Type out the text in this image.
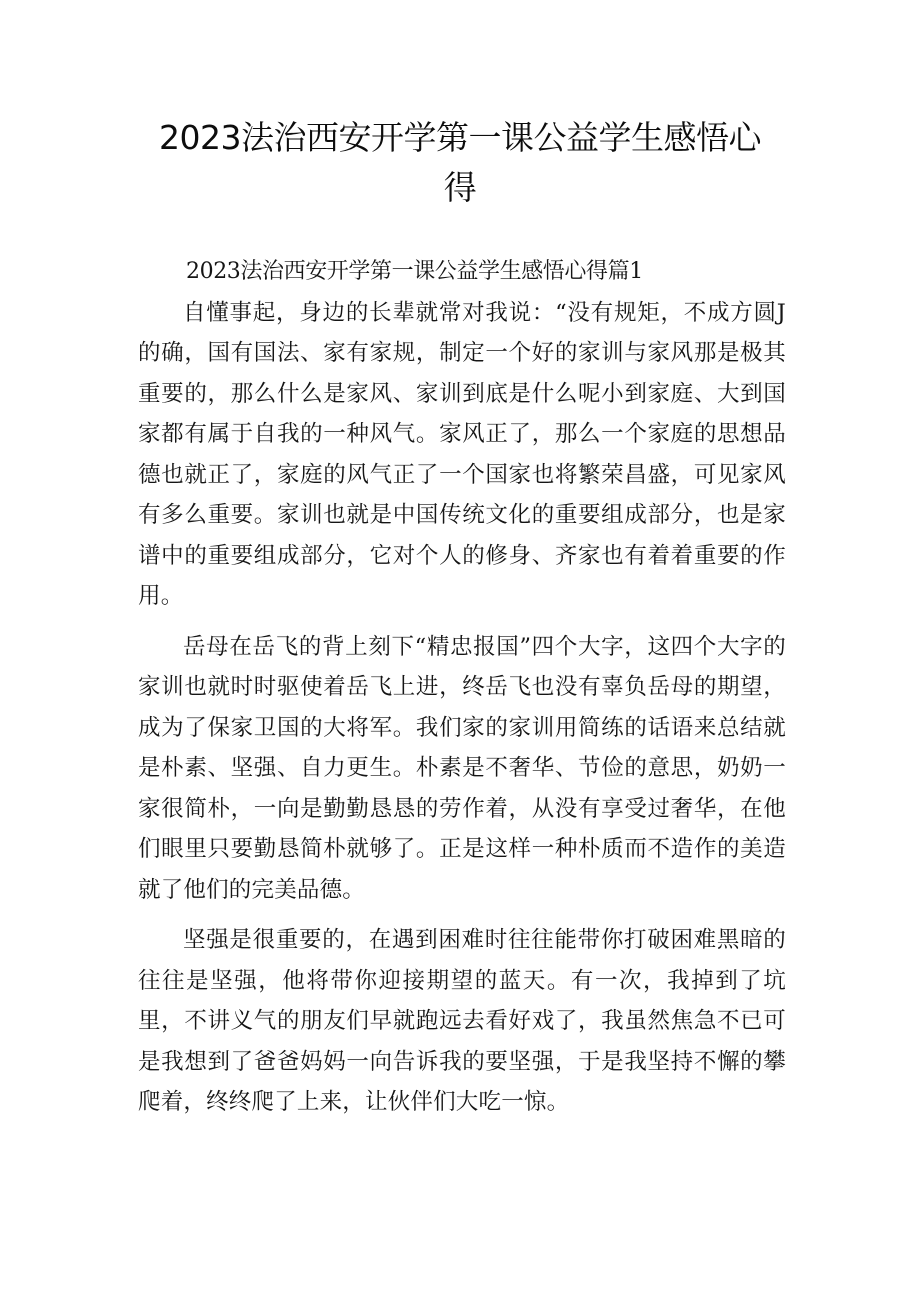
2023法治西安开学第一课公益学生感悟心得

2023法治西安开学第一课公益学生感悟心得篇1

自懂事起，身边的长辈就常对我说：“没有规矩，不成方圆J的确，国有国法、家有家规，制定一个好的家训与家风那是极其重要的，那么什么是家风、家训到底是什么呢小到家庭、大到国家都有属于自我的一种风气。家风正了，那么一个家庭的思想品德也就正了，家庭的风气正了一个国家也将繁荣昌盛，可见家风有多么重要。家训也就是中国传统文化的重要组成部分，也是家谱中的重要组成部分，它对个人的修身、齐家也有着着重要的作用。

岳母在岳飞的背上刻下“精忠报国”四个大字，这四个大字的家训也就时时驱使着岳飞上进，终岳飞也没有辜负岳母的期望，成为了保家卫国的大将军。我们家的家训用简练的话语来总结就是朴素、坚强、自力更生。朴素是不奢华、节俭的意思，奶奶一家很简朴，一向是勤勤恳恳的劳作着，从没有享受过奢华，在他们眼里只要勤恳简朴就够了。正是这样一种朴质而不造作的美造就了他们的完美品德。

坚强是很重要的，在遇到困难时往往能带你打破困难黑暗的往往是坚强，他将带你迎接期望的蓝天。有一次，我掉到了坑里，不讲义气的朋友们早就跑远去看好戏了，我虽然焦急不已可是我想到了爸爸妈妈一向告诉我的要坚强，于是我坚持不懈的攀爬着，终终爬了上来，让伙伴们大吃一惊。
